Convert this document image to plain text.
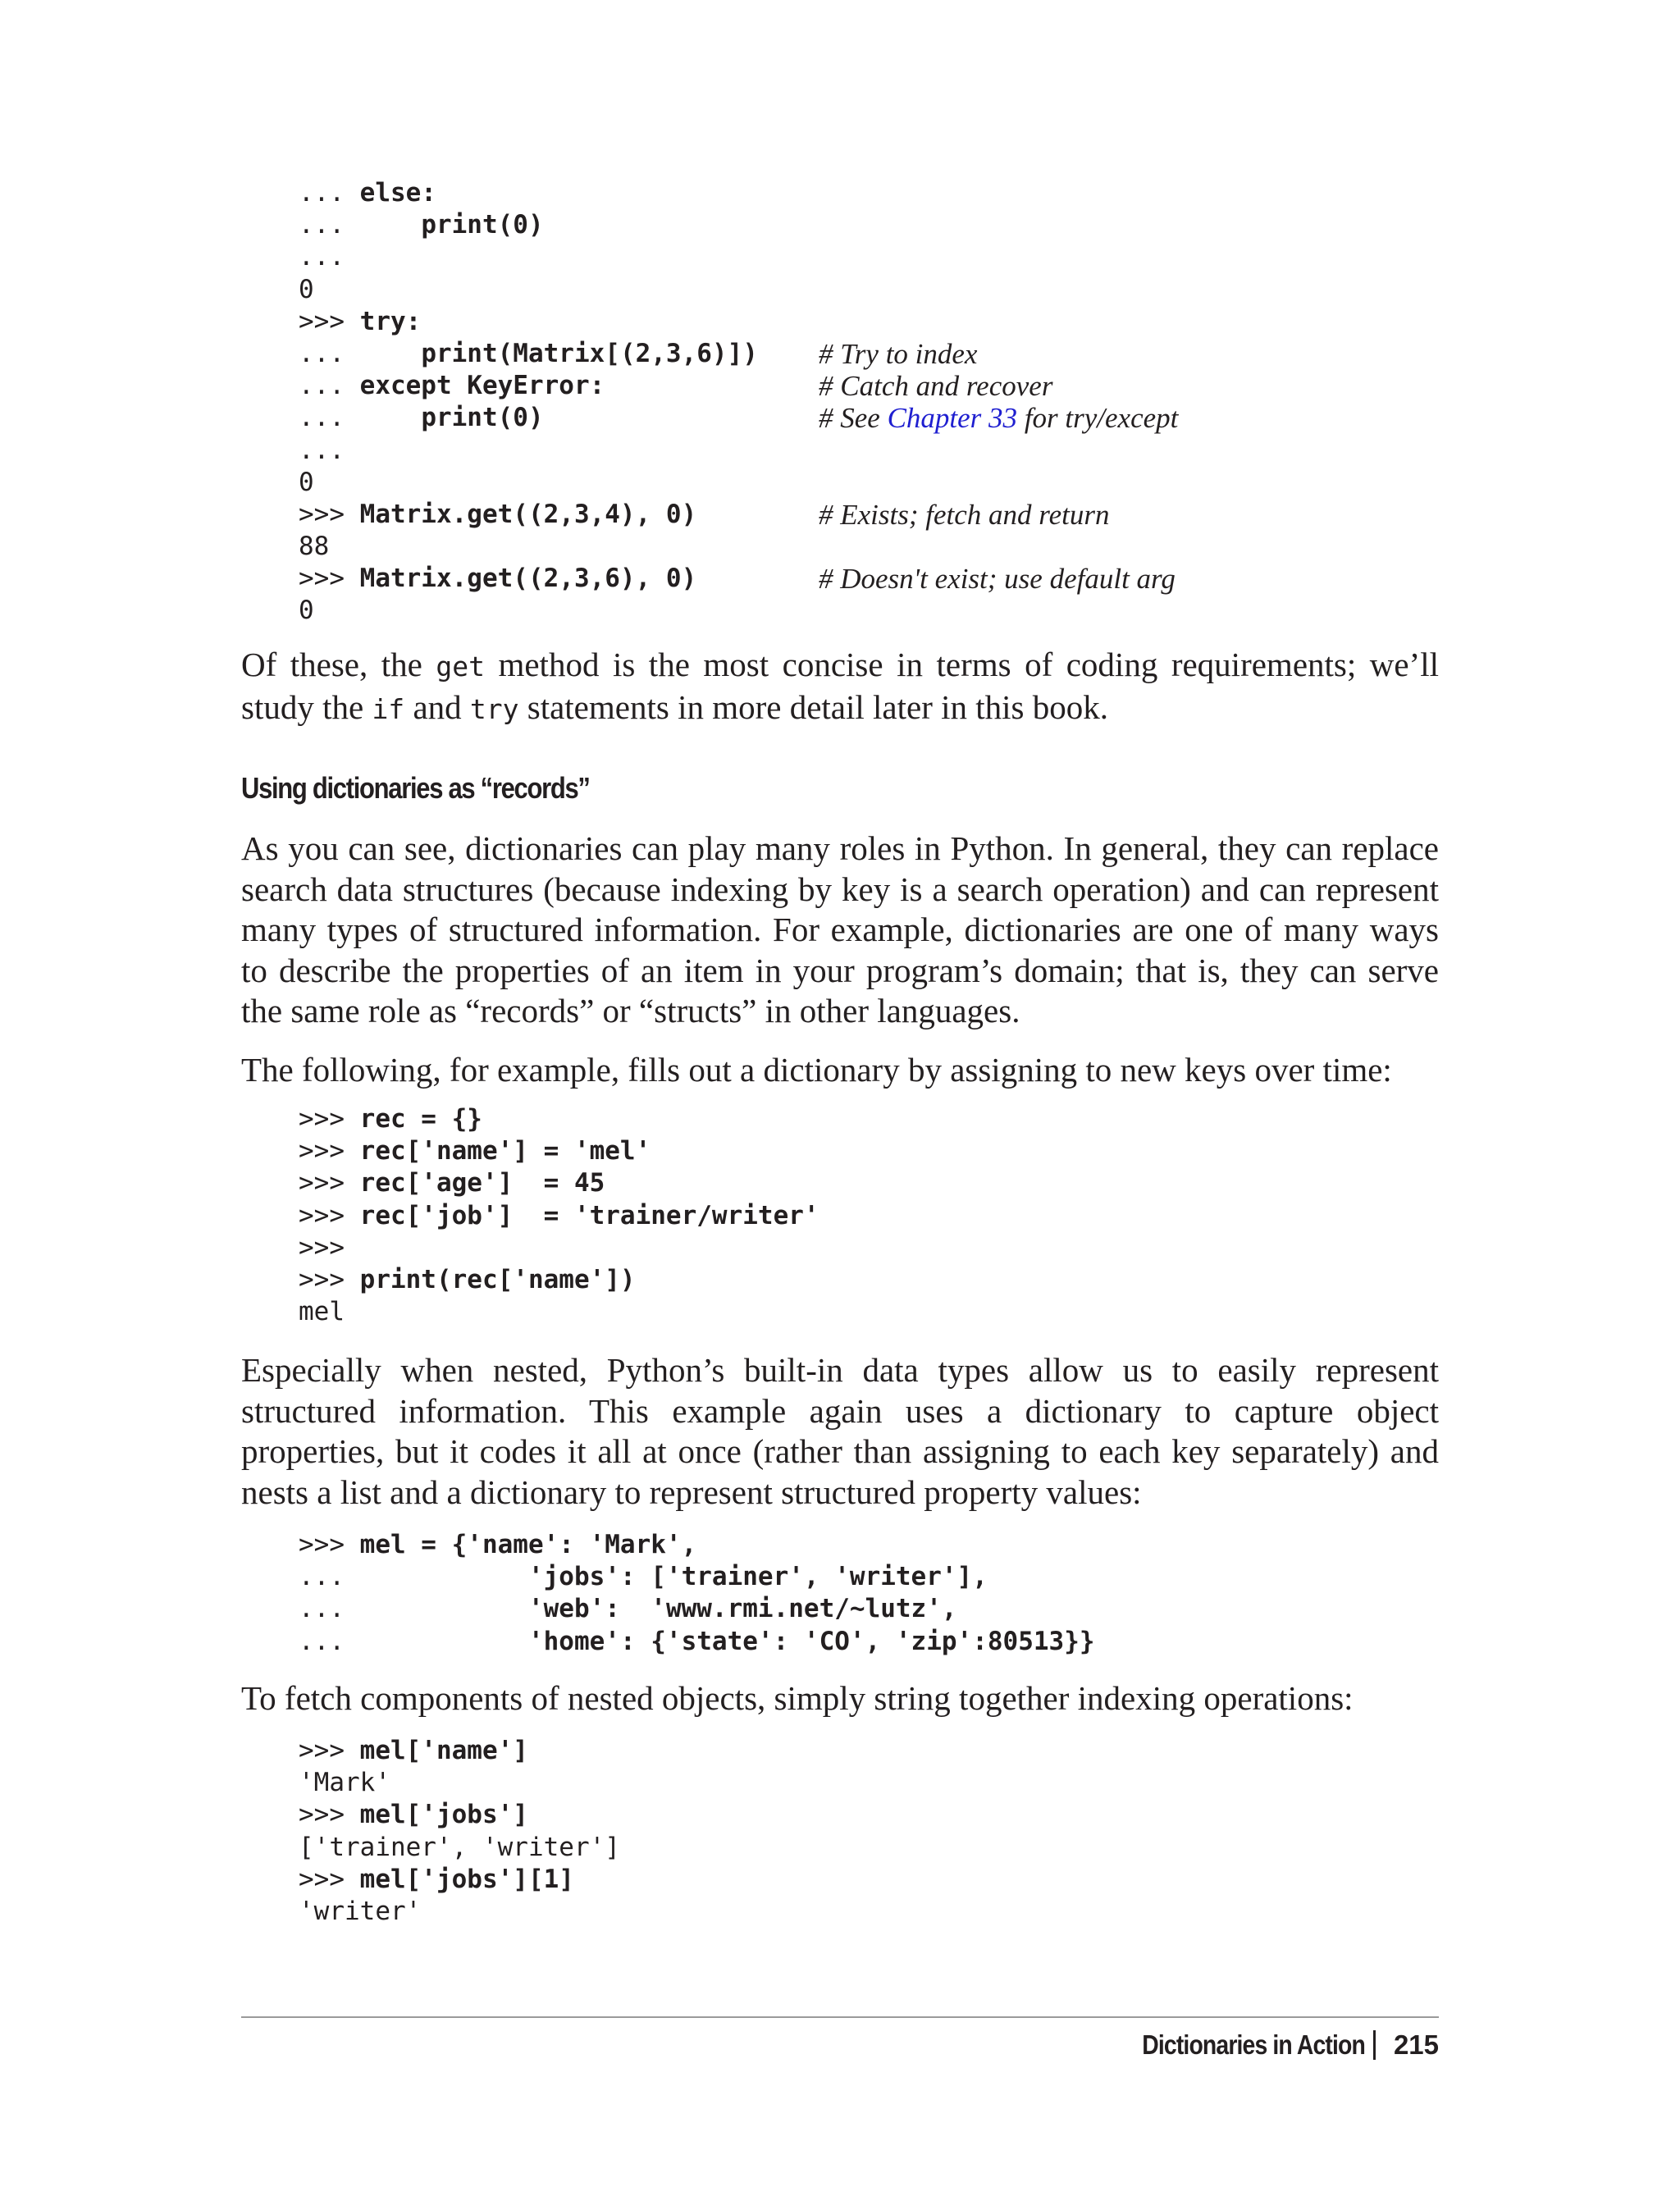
... else:
...     print(0)
...
0
>>> try:
...     print(Matrix[(2,3,6)]) # Try to index
... except KeyError:	# Catch and recover
...     print(0)	# See Chapter 33 for try/except
...
0
>>> Matrix.get((2,3,4), 0)	# Exists; fetch and return
88
>>> Matrix.get((2,3,6), 0)	# Doesn't exist; use default arg
0

Of these, the get method is the most concise in terms of coding requirements; we’ll study the if and try statements in more detail later in this book.

Using dictionaries as “records”

As you can see, dictionaries can play many roles in Python. In general, they can replace search data structures (because indexing by key is a search operation) and can represent many types of structured information. For example, dictionaries are one of many ways to describe the properties of an item in your program’s domain; that is, they can serve the same role as “records” or “structs” in other languages.

The following, for example, fills out a dictionary by assigning to new keys over time:

>>> rec = {}
>>> rec['name'] = 'mel'
>>> rec['age']  = 45
>>> rec['job']  = 'trainer/writer'
>>>
>>> print(rec['name'])
mel

Especially when nested, Python’s built-in data types allow us to easily represent structured information. This example again uses a dictionary to capture object properties, but it codes it all at once (rather than assigning to each key separately) and nests a list and a dictionary to represent structured property values:

>>> mel = {'name': 'Mark',
...            'jobs': ['trainer', 'writer'],
...            'web':  'www.rmi.net/~lutz',
...            'home': {'state': 'CO', 'zip':80513}}

To fetch components of nested objects, simply string together indexing operations:

>>> mel['name']
'Mark'
>>> mel['jobs']
['trainer', 'writer']
>>> mel['jobs'][1]
'writer'
Dictionaries in Action 215
